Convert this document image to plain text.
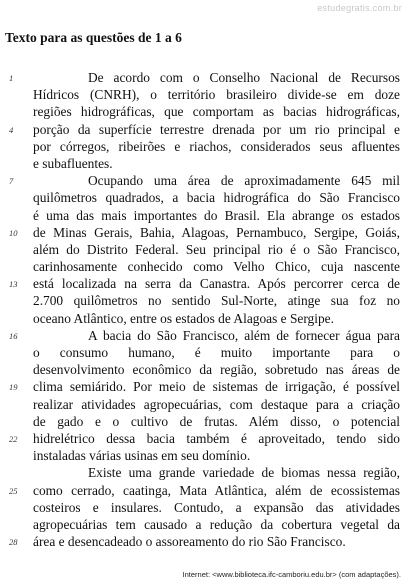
estudegratis.com.br
Texto para as questões de 1 a 6
1	De acordo com o Conselho Nacional de Recursos
Hídricos (CNRH), o território brasileiro divide-se em doze
regiões hidrográficas, que comportam as bacias hidrográficas,
4 porção da superfície terrestre drenada por um rio principal e
por córregos, ribeirões e riachos, considerados seus afluentes
e subafluentes.
7	Ocupando uma área de aproximadamente 645 mil
quilômetros quadrados, a bacia hidrográfica do São Francisco
é uma das mais importantes do Brasil. Ela abrange os estados
10 de Minas Gerais, Bahia, Alagoas, Pernambuco, Sergipe, Goiás,
além do Distrito Federal. Seu principal rio é o São Francisco,
carinhosamente conhecido como Velho Chico, cuja nascente
13 está localizada na serra da Canastra. Após percorrer cerca de
2.700 quilômetros no sentido Sul-Norte, atinge sua foz no
oceano Atlântico, entre os estados de Alagoas e Sergipe.
16	A bacia do São Francisco, além de fornecer água para
o consumo humano, é muito importante para o
desenvolvimento econômico da região, sobretudo nas áreas de
19 clima semiárido. Por meio de sistemas de irrigação, é possível
realizar atividades agropecuárias, com destaque para a criação
de gado e o cultivo de frutas. Além disso, o potencial
22 hidrelétrico dessa bacia também é aproveitado, tendo sido
instaladas várias usinas em seu domínio.
Existe uma grande variedade de biomas nessa região,
25 como cerrado, caatinga, Mata Atlântica, além de ecossistemas
costeiros e insulares. Contudo, a expansão das atividades
agropecuárias tem causado a redução da cobertura vegetal da
28 área e desencadeado o assoreamento do rio São Francisco.
Internet: <www.biblioteca.ifc-camboriu.edu.br> (com adaptações).
